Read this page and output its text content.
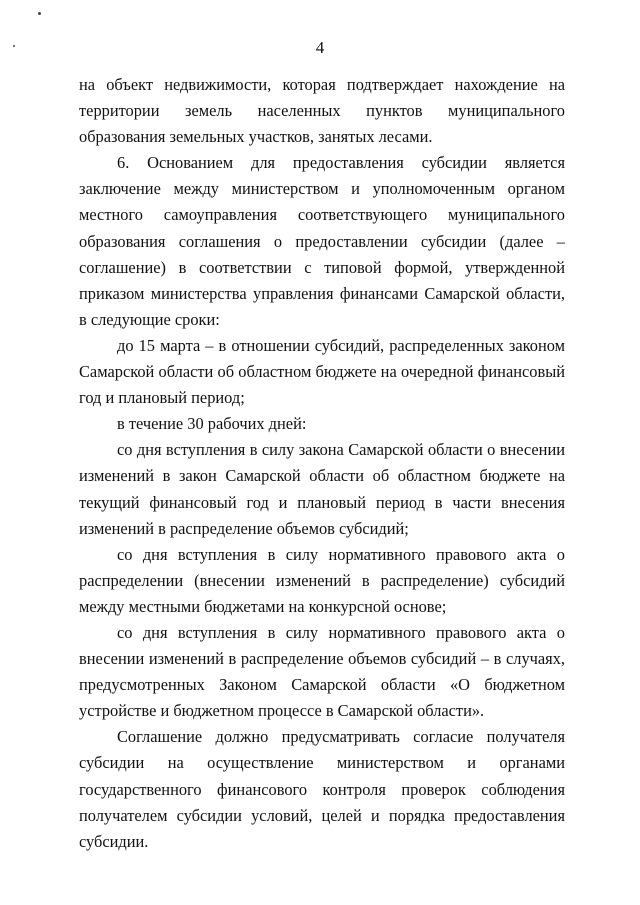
4

на объект недвижимости, которая подтверждает нахождение на территории земель населенных пунктов муниципального образования земельных участков, занятых лесами.

6. Основанием для предоставления субсидии является заключение между министерством и уполномоченным органом местного самоуправления соответствующего муниципального образования соглашения о предоставлении субсидии (далее – соглашение) в соответствии с типовой формой, утвержденной приказом министерства управления финансами Самарской области, в следующие сроки:

до 15 марта – в отношении субсидий, распределенных законом Самарской области об областном бюджете на очередной финансовый год и плановый период;

в течение 30 рабочих дней:

со дня вступления в силу закона Самарской области о внесении изменений в закон Самарской области об областном бюджете на текущий финансовый год и плановый период в части внесения изменений в распределение объемов субсидий;

со дня вступления в силу нормативного правового акта о распределении (внесении изменений в распределение) субсидий между местными бюджетами на конкурсной основе;

со дня вступления в силу нормативного правового акта о внесении изменений в распределение объемов субсидий – в случаях, предусмотренных Законом Самарской области «О бюджетном устройстве и бюджетном процессе в Самарской области».

Соглашение должно предусматривать согласие получателя субсидии на осуществление министерством и органами государственного финансового контроля проверок соблюдения получателем субсидии условий, целей и порядка предоставления субсидии.
